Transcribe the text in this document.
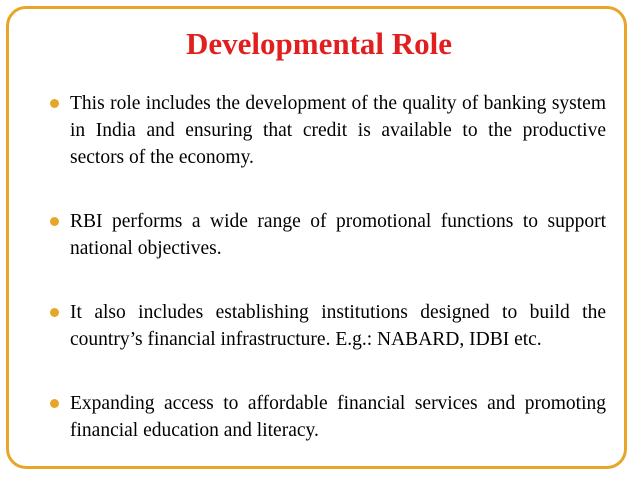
Developmental Role
This role includes the development of the quality of banking system in India and ensuring that credit is available to the productive sectors of the economy.
RBI performs a wide range of promotional functions to support national objectives.
It also includes establishing institutions designed to build the country’s financial infrastructure. E.g.: NABARD, IDBI etc.
Expanding access to affordable financial services and promoting financial education and literacy.
